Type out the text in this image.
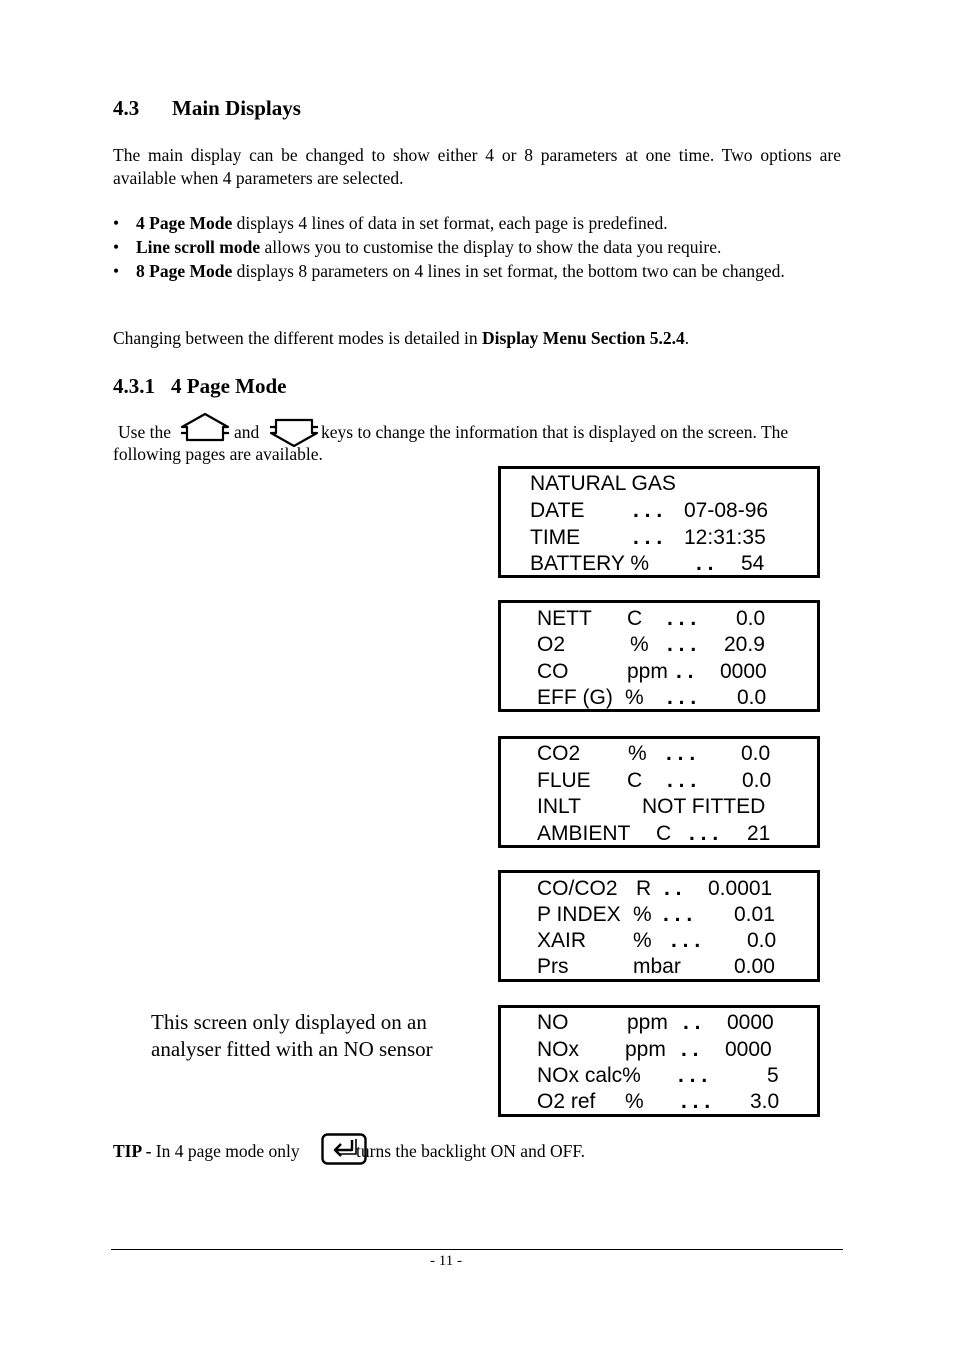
4.3 Main Displays

The main display can be changed to show either 4 or 8 parameters at one time. Two options are available when 4 parameters are selected.

• 4 Page Mode displays 4 lines of data in set format, each page is predefined.
• Line scroll mode allows you to customise the display to show the data you require.
• 8 Page Mode displays 8 parameters on 4 lines in set format, the bottom two can be changed.

Changing between the different modes is detailed in Display Menu Section 5.2.4.

4.3.1 4 Page Mode
Use the	and	keys to change the information that is displayed on the screen. The
following pages are available.
NATURAL GAS
DATE . . . 07-08-96
TIME	. . . 12:31:35
BATTERY % . . 54
NETT C . . . 0.0
O2	% . . . 20.9
CO	ppm . . 0000
EFF (G) % . . . 0.0
CO2 % . . . 0.0
FLUE C . . . 0.0
INLT	NOT FITTED
AMBIENT C . . . 21
CO/CO2 R . . 0.0001
P INDEX % . . . 0.01
XAIR % . . . 0.0
Prs	mbar	0.00
NO	ppm . . 0000
NOx ppm . . 0000
NOx calc% . . .	5
O2 ref % . . . 3.0
This screen only displayed on an analyser fitted with an NO sensor
TIP - In 4 page mode only	turns the backlight ON and OFF.
- 11 -
